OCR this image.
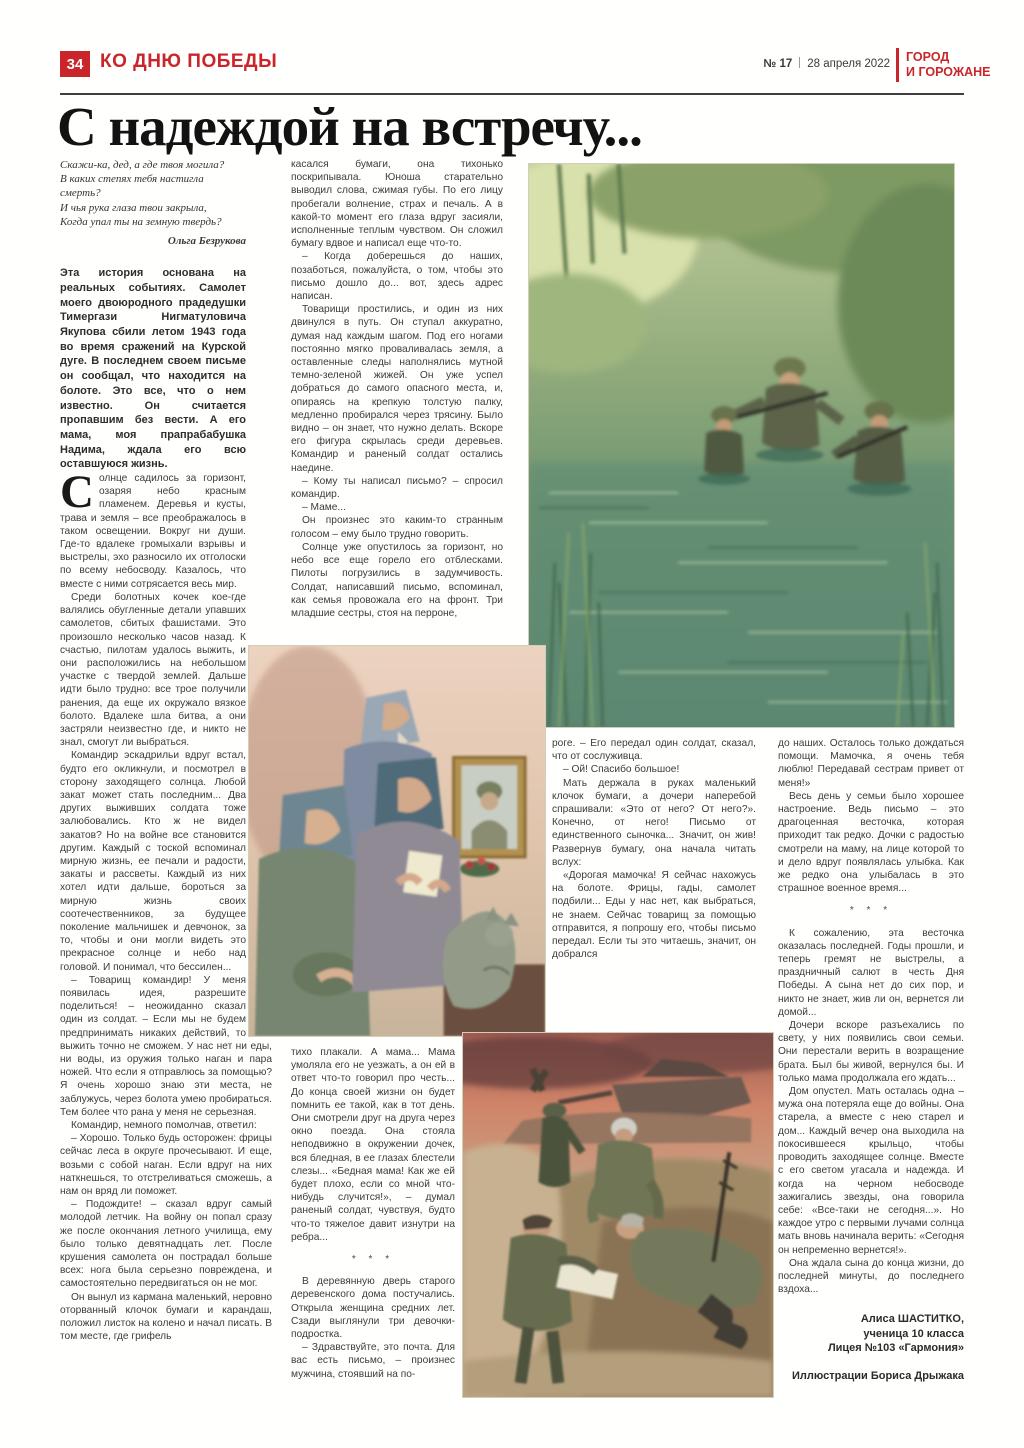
34 КО ДНЮ ПОБЕДЫ	№ 17 28 апреля 2022 ГОРОД
И ГОРОЖАНЕ
С надеждой на встречу...
Скажи-ка, дед, а где твоя могила?
В каких степях тебя настигла смерть?
И чья рука глаза твои закрыла,
Когда упал ты на земную твердь?
Ольга Безрукова

Эта история основана на реальных событиях. Самолет моего двоюродного прадедушки Тимергази Нигматуловича Якупова сбили летом 1943 года во время сражений на Курской дуге. В последнем своем письме он сообщал, что находится на болоте. Это все, что о нем известно. Он считается пропавшим без вести. А его мама, моя прапрабабушка Надима, ждала его всю оставшуюся жизнь.

Солнце садилось за горизонт, озаряя небо красным пламенем. Деревья и кусты, трава и земля – все преображалось в таком освещении. Вокруг ни души. Где-то вдалеке громыхали взрывы и выстрелы, эхо разносило их отголоски по всему небосводу. Казалось, что вместе с ними сотрясается весь мир.

Среди болотных кочек кое-где валялись обугленные детали упавших самолетов, сбитых фашистами. Это произошло несколько часов назад. К счастью, пилотам удалось выжить, и они расположились на небольшом участке с твердой землей. Дальше идти было трудно: все трое получили ранения, да еще их окружало вязкое болото. Вдалеке шла битва, а они застряли неизвестно где, и никто не знал, смогут ли выбраться.

Командир эскадрильи вдруг встал, будто его окликнули, и посмотрел в сторону заходящего солнца. Любой закат может стать последним... Два других выживших солдата тоже залюбовались. Кто ж не видел закатов? Но на войне все становится другим. Каждый с тоской вспоминал мирную жизнь, ее печали и радости, закаты и рассветы. Каждый из них хотел идти дальше, бороться за мирную жизнь своих соотечественников, за будущее поколение мальчишек и девчонок, за то, чтобы и они могли видеть это прекрасное солнце и небо над головой. И понимал, что бессилен...

– Товарищ командир! У меня появилась идея, разрешите поделиться! – неожиданно сказал один из солдат. – Если мы не будем предпринимать никаких действий, то выжить точно не сможем. У нас нет ни еды, ни воды, из оружия только наган и пара ножей. Что если я отправлюсь за помощью? Я очень хорошо знаю эти места, не заблужусь, через болота умею пробираться. Тем более что рана у меня не серьезная.

Командир, немного помолчав, ответил:

– Хорошо. Только будь осторожен: фрицы сейчас леса в округе прочесывают. И еще, возьми с собой наган. Если вдруг на них наткнешься, то отстреливаться сможешь, а нам он вряд ли поможет.

– Подождите! – сказал вдруг самый молодой летчик. На войну он попал сразу же после окончания летного училища, ему было только девятнадцать лет. После крушения самолета он пострадал больше всех: нога была серьезно повреждена, и самостоятельно передвигаться он не мог.

Он вынул из кармана маленький, неровно оторванный клочок бумаги и карандаш, положил листок на колено и начал писать. В том месте, где грифель

касался бумаги, она тихонько поскрипывала. Юноша старательно выводил слова, сжимая губы. По его лицу пробегали волнение, страх и печаль. А в какой-то момент его глаза вдруг засияли, исполненные теплым чувством. Он сложил бумагу вдвое и написал еще что-то.

– Когда доберешься до наших, позаботься, пожалуйста, о том, чтобы это письмо дошло до... вот, здесь адрес написан.

Товарищи простились, и один из них двинулся в путь. Он ступал аккуратно, думая над каждым шагом. Под его ногами постоянно мягко проваливалась земля, а оставленные следы наполнялись мутной темно-зеленой жижей. Он уже успел добраться до самого опасного места, и, опираясь на крепкую толстую палку, медленно пробирался через трясину. Было видно – он знает, что нужно делать. Вскоре его фигура скрылась среди деревьев. Командир и раненый солдат остались наедине.

– Кому ты написал письмо? – спросил командир.

– Маме...

Он произнес это каким-то странным голосом – ему было трудно говорить.

Солнце уже опустилось за горизонт, но небо все еще горело его отблесками. Пилоты погрузились в задумчивость. Солдат, написавший письмо, вспоминал, как семья провожала его на фронт. Три младшие сестры, стоя на перроне,

тихо плакали. А мама... Мама умоляла его не уезжать, а он ей в ответ что-то говорил про честь... До конца своей жизни он будет помнить ее такой, как в тот день. Они смотрели друг на друга через окно поезда. Она стояла неподвижно в окружении дочек, вся бледная, в ее глазах блестели слезы... «Бедная мама! Как же ей будет плохо, если со мной что-нибудь случится!», – думал раненый солдат, чувствуя, будто что-то тяжелое давит изнутри на ребра...

* * *

В деревянную дверь старого деревенского дома постучались. Открыла женщина средних лет. Сзади выглянули три девочки-подростка.

– Здравствуйте, это почта. Для вас есть письмо, – произнес мужчина, стоявший на по-

роге. – Его передал один солдат, сказал, что от сослуживца.

– Ой! Спасибо большое!

Мать держала в руках маленький клочок бумаги, а дочери наперебой спрашивали: «Это от него? От него?». Конечно, от него! Письмо от единственного сыночка... Значит, он жив! Развернув бумагу, она начала читать вслух:

«Дорогая мамочка! Я сейчас нахожусь на болоте. Фрицы, гады, самолет подбили... Еды у нас нет, как выбраться, не знаем. Сейчас товарищ за помощью отправится, я попрошу его, чтобы письмо передал. Если ты это читаешь, значит, он добрался

до наших. Осталось только дождаться помощи. Мамочка, я очень тебя люблю! Передавай сестрам привет от меня!»

Весь день у семьи было хорошее настроение. Ведь письмо – это драгоценная весточка, которая приходит так редко. Дочки с радостью смотрели на маму, на лице которой то и дело вдруг появлялась улыбка. Как же редко она улыбалась в это страшное военное время...

* * *

К сожалению, эта весточка оказалась последней. Годы прошли, и теперь гремят не выстрелы, а праздничный салют в честь Дня Победы. А сына нет до сих пор, и никто не знает, жив ли он, вернется ли домой...

Дочери вскоре разъехались по свету, у них появились свои семьи. Они перестали верить в возращение брата. Был бы живой, вернулся бы. И только мама продолжала его ждать...

Дом опустел. Мать осталась одна – мужа она потеряла еще до войны. Она старела, а вместе с нею старел и дом... Каждый вечер она выходила на покосившееся крыльцо, чтобы проводить заходящее солнце. Вместе с его светом угасала и надежда. И когда на черном небосводе зажигались звезды, она говорила себе: «Все-таки не сегодня...». Но каждое утро с первыми лучами солнца мать вновь начинала верить: «Сегодня он непременно вернется!».

Она ждала сына до конца жизни, до последней минуты, до последнего вздоха...

Алиса ШАСТИТКО,
ученица 10 класса
Лицея №103 «Гармония»
Иллюстрации Бориса Дрыжака
